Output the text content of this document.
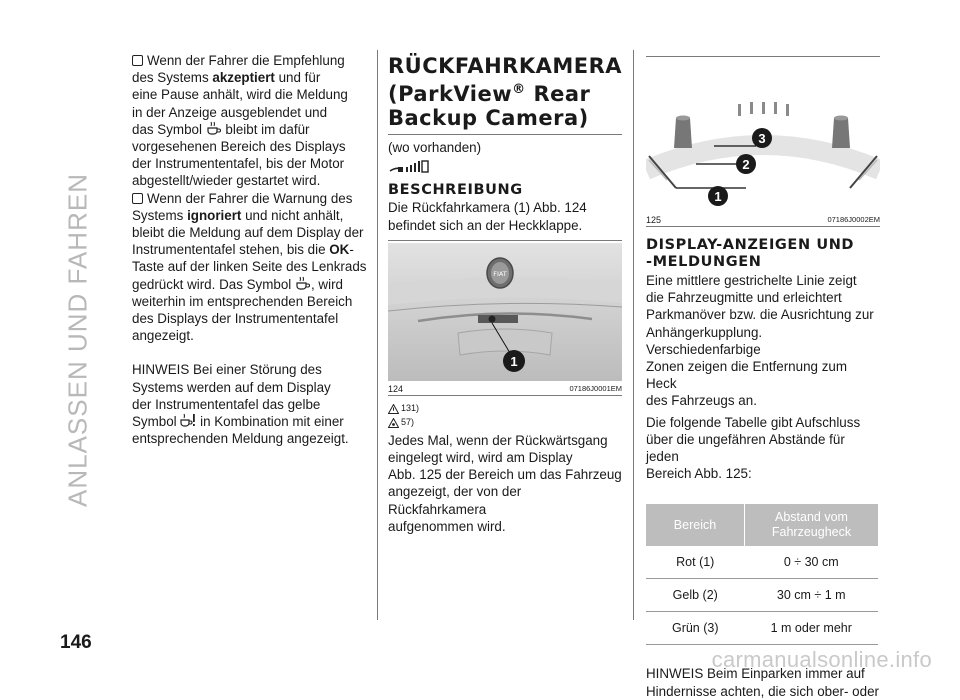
ANLASSEN UND FAHREN
146

Wenn der Fahrer die Empfehlung
des Systems akzeptiert und für
eine Pause anhält, wird die Meldung
in der Anzeige ausgeblendet und
das Symbol  bleibt im dafür
vorgesehenen Bereich des Displays
der Instrumententafel, bis der Motor
abgestellt/wieder gestartet wird.

Wenn der Fahrer die Warnung des
Systems ignoriert und nicht anhält,
bleibt die Meldung auf dem Display der
Instrumententafel stehen, bis die OK-
Taste auf der linken Seite des Lenkrads
gedrückt wird. Das Symbol , wird
weiterhin im entsprechenden Bereich
des Displays der Instrumententafel
angezeigt.

HINWEIS Bei einer Störung des
Systems werden auf dem Display
der Instrumententafel das gelbe
Symbol  in Kombination mit einer
entsprechenden Meldung angezeigt.

RÜCKFAHRKAMERA
(ParkView® Rear
Backup Camera)

(wo vorhanden)

BESCHREIBUNG

Die Rückfahrkamera (1) Abb. 124
befindet sich an der Heckklappe.

FIAT
1
124	07186J0001EM
131)
57)

Jedes Mal, wenn der Rückwärtsgang
eingelegt wird, wird am Display
Abb. 125 der Bereich um das Fahrzeug
angezeigt, der von der Rückfahrkamera
aufgenommen wird.

1
2
3
125	07186J0002EM
DISPLAY-ANZEIGEN UND
-MELDUNGEN

Eine mittlere gestrichelte Linie zeigt
die Fahrzeugmitte und erleichtert
Parkmanöver bzw. die Ausrichtung zur
Anhängerkupplung. Verschiedenfarbige
Zonen zeigen die Entfernung zum Heck
des Fahrzeugs an.

Die folgende Tabelle gibt Aufschluss
über die ungefähren Abstände für jeden
Bereich Abb. 125:

Bereich	Abstand vom Fahrzeugheck
Rot (1)	0 ÷ 30 cm
Gelb (2)	30 cm ÷ 1 m
Grün (3)	1 m oder mehr

HINWEIS Beim Einparken immer auf
Hindernisse achten, die sich ober- oder

carmanualsonline.info
